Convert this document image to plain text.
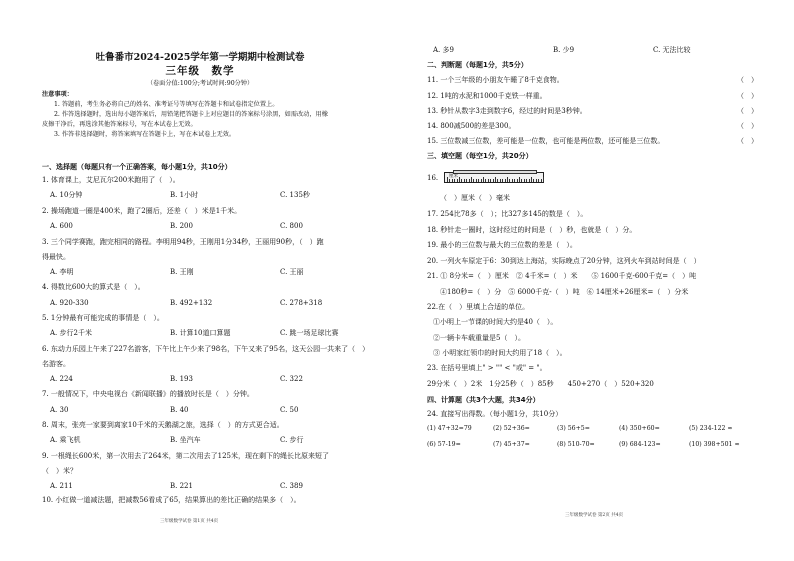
吐鲁番市2024-2025学年第一学期期中检测试卷
三年级　数学
（卷面分值:100分;考试时间:90分钟）
注意事项：
1. 答题前，考生务必将自己的姓名、准考证号等填写在答题卡和试卷指定位置上。
2. 作答选择题时，选出每小题答案后，用铅笔把答题卡上对应题目的答案标号涂黑，如需改动，用橡
皮擦干净后，再选涂其他答案标号，写在本试卷上无效。
3. 作答非选择题时，将答案填写在答题卡上，写在本试卷上无效。
一、选择题（每题只有一个正确答案，每小题1分，共10分）
1. 体育课上，艾尼瓦尔200米跑用了（　）。
A. 10分钟	B. 1小时	C. 135秒
2. 操场跑道一圈是400米，跑了2圈后，还差（　）米是1千米。
A. 600	B. 200	C. 800
3. 三个同学赛跑，跑完相同的路程。李明用94秒，王刚用1分34秒，王丽用90秒，（　）跑
得最快。
A. 李明	B. 王刚	C. 王丽
4. 得数比600大的算式是（　）。
A. 920-330	B. 492+132	C. 278+318
5. 1分钟最有可能完成的事情是（　）。
A. 步行2千米	B. 计算10道口算题	C. 跳一场足球比赛
6. 东动力乐园上午来了227名游客，下午比上午少来了98名，下午又来了95名，这天公园一共来了（　）
名游客。
A. 224	B. 193	C. 322
7. 一般情况下，中央电视台《新闻联播》的播放时长是（　）分钟。
A. 30	B. 40	C. 50
8. 周末，张亮一家要到离家10千米的天鹅湖之旅，选择（　）的方式更合适。
A. 乘飞机	B. 坐汽车	C. 步行
9. 一根绳长600米，第一次用去了264米，第二次用去了125米，现在剩下的绳长比原来短了
（　）米？
A. 211	B. 221	C. 389
10. 小红做一道减法题，把减数56看成了65，结果算出的差比正确的结果多（　）。
三年级数学试卷 第1页 共4页
A. 多9	B. 少9	C. 无法比较
二、判断题（每题1分，共5分）
11. 一个三年级的小朋友午睡了8千克食物。	（　）
12. 1吨的水泥和1000千克铁一样重。	（　）
13. 秒针从数字3走到数字6，经过的时间是3秒钟。	（　）
14. 800减500的差是300。	（　）
15. 三位数减三位数，差可能是一位数，也可能是两位数，还可能是三位数。	（　）
三、填空题（每空1分，共20分）
16.
（　）厘米（　）毫米
17. 254比78多（　）；比327多145的数是（　）。
18. 秒针走一圈时，这时经过的时间是（　）秒，也就是（　）分。
19. 最小的三位数与最大的三位数的差是（　）。
20. 一列火车原定于6：30到达上海站，实际晚点了20分钟，这列火车到站时间是（　）
21. ① 8分米=（　）厘米　② 4千米=（　）米　　⑤ 1600千克-600千克=（　）吨
④180秒=（　）分　⑤ 6000千克-（　）吨　⑥ 14厘米+26厘米=（　）分米
22.在（　）里填上合适的单位。
①小明上一节课的时间大约是40（　）。
②一辆卡车载重量是5（　）。
③ 小明家红领巾的时间大约用了18（　）。
23. 在括号里填上" > "" < "或" = "。
29分米（　）2米　1分25秒（　）85秒　　450+270（　）520+320
四、计算题（共3个大题，共34分）
24. 直接写出得数。（每小题1分，共10分）
(1) 47+32=79	(2) 52+36=	(3) 56+5=	(4) 350+60=	(5) 234-122 ≈
(6) 57-19=	(7) 45+37=	(8) 510-70=	(9) 684-123=	(10) 398+501 ≈
三年级数学试卷 第2页 共4页
厘米
